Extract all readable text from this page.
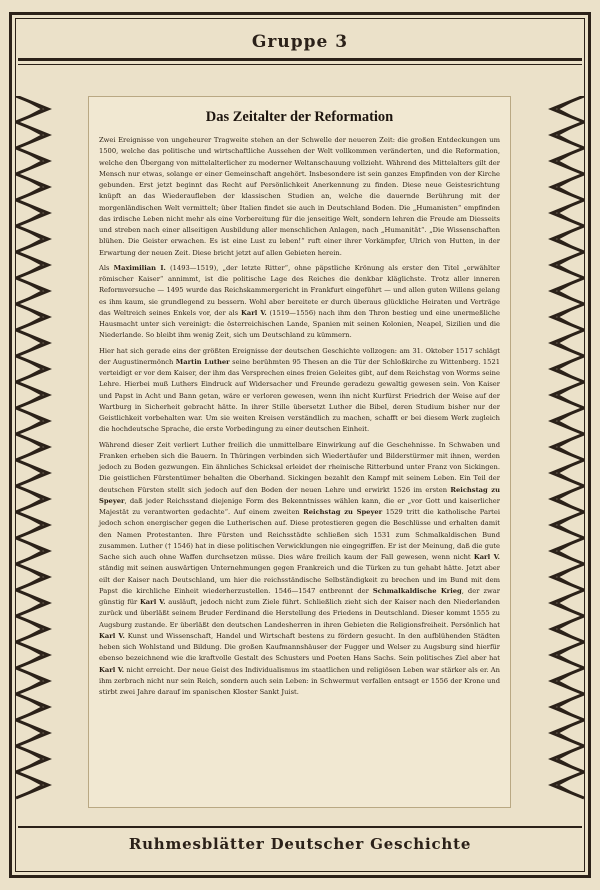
Gruppe 3
Das Zeitalter der Reformation

Zwei Ereignisse von ungeheurer Tragweite stehen an der Schwelle der neueren Zeit: die großen Entdeckungen um 1500, welche das politische und wirtschaftliche Aussehen der Welt vollkommen veränderten, und die Reformation, welche den Übergang von mittelalterlicher zu moderner Weltanschauung vollzieht. Während des Mittelalters gilt der Mensch nur etwas, solange er einer Gemeinschaft angehört. Insbesondere ist sein ganzes Empfinden von der Kirche gebunden. Erst jetzt beginnt das Recht auf Persönlichkeit Anerkennung zu finden. Diese neue Geistesrichtung knüpft an das Wiederaufleben der klassischen Studien an, welche die dauernde Berührung mit der morgenländischen Welt vermittelt; über Italien findet sie auch in Deutschland Boden. Die „Humanisten“ empfinden das irdische Leben nicht mehr als eine Vorbereitung für die jenseitige Welt, sondern lehren die Freude am Diesseits und streben nach einer allseitigen Ausbildung aller menschlichen Anlagen, nach „Humanität“. „Die Wissenschaften blühen. Die Geister erwachen. Es ist eine Lust zu leben!“ ruft einer ihrer Vorkämpfer, Ulrich von Hutten, in der Erwartung der neuen Zeit. Diese bricht jetzt auf allen Gebieten herein.

Als Maximilian I. (1493—1519), „der letzte Ritter“, ohne päpstliche Krönung als erster den Titel „erwählter römischer Kaiser“ annimmt, ist die politische Lage des Reiches die denkbar kläglichste. Trotz aller inneren Reformversuche — 1495 wurde das Reichskammergericht in Frankfurt eingeführt — und allen guten Willens gelang es ihm kaum, sie grundlegend zu bessern. Wohl aber bereitete er durch überaus glückliche Heiraten und Verträge das Weltreich seines Enkels vor, der als Karl V. (1519—1556) nach ihm den Thron bestieg und eine unermeßliche Hausmacht unter sich vereinigt: die österreichischen Lande, Spanien mit seinen Kolonien, Neapel, Sizilien und die Niederlande. So bleibt ihm wenig Zeit, sich um Deutschland zu kümmern.

Hier hat sich gerade eins der größten Ereignisse der deutschen Geschichte vollzogen: am 31. Oktober 1517 schlägt der Augustinermönch Martin Luther seine berühmten 95 Thesen an die Tür der Schloßkirche zu Wittenberg. 1521 verteidigt er vor dem Kaiser, der ihm das Versprechen eines freien Geleites gibt, auf dem Reichstag von Worms seine Lehre. Hierbei muß Luthers Eindruck auf Widersacher und Freunde geradezu gewaltig gewesen sein. Von Kaiser und Papst in Acht und Bann getan, wäre er verloren gewesen, wenn ihn nicht Kurfürst Friedrich der Weise auf der Wartburg in Sicherheit gebracht hätte. In ihrer Stille übersetzt Luther die Bibel, deren Studium bisher nur der Geistlichkeit vorbehalten war. Um sie weiten Kreisen verständlich zu machen, schafft er bei diesem Werk zugleich die hochdeutsche Sprache, die erste Vorbedingung zu einer deutschen Einheit.

Während dieser Zeit verliert Luther freilich die unmittelbare Einwirkung auf die Geschehnisse. In Schwaben und Franken erheben sich die Bauern. In Thüringen verbinden sich Wiedertäufer und Bilderstürmer mit ihnen, werden jedoch zu Boden gezwungen. Ein ähnliches Schicksal erleidet der rheinische Ritterbund unter Franz von Sickingen. Die geistlichen Fürstentümer behalten die Oberhand. Sickingen bezahlt den Kampf mit seinem Leben. Ein Teil der deutschen Fürsten stellt sich jedoch auf den Boden der neuen Lehre und erwirkt 1526 im ersten Reichstag zu Speyer, daß jeder Reichsstand diejenige Form des Bekenntnisses wählen kann, die er „vor Gott und kaiserlicher Majestät zu verantworten gedachte“. Auf einem zweiten Reichstag zu Speyer 1529 tritt die katholische Partei jedoch schon energischer gegen die Lutherischen auf. Diese protestieren gegen die Beschlüsse und erhalten damit den Namen Protestanten. Ihre Fürsten und Reichsstädte schließen sich 1531 zum Schmalkaldischen Bund zusammen. Luther († 1546) hat in diese politischen Verwicklungen nie eingegriffen. Er ist der Meinung, daß die gute Sache sich auch ohne Waffen durchsetzen müsse. Dies wäre freilich kaum der Fall gewesen, wenn nicht Karl V. ständig mit seinen auswärtigen Unternehmungen gegen Frankreich und die Türken zu tun gehabt hätte. Jetzt aber eilt der Kaiser nach Deutschland, um hier die reichsständische Selbständigkeit zu brechen und im Bund mit dem Papst die kirchliche Einheit wiederherzustellen. 1546—1547 entbrennt der Schmalkaldische Krieg, der zwar günstig für Karl V. ausläuft, jedoch nicht zum Ziele führt. Schließlich zieht sich der Kaiser nach den Niederlanden zurück und überläßt seinem Bruder Ferdinand die Herstellung des Friedens in Deutschland. Dieser kommt 1555 zu Augsburg zustande. Er überläßt den deutschen Landesherren in ihren Gebieten die Religionsfreiheit. Persönlich hat Karl V. Kunst und Wissenschaft, Handel und Wirtschaft bestens zu fördern gesucht. In den aufblühenden Städten heben sich Wohlstand und Bildung. Die großen Kaufmannshäuser der Fugger und Welser zu Augsburg sind hierfür ebenso bezeichnend wie die kraftvolle Gestalt des Schusters und Poeten Hans Sachs. Sein politisches Ziel aber hat Karl V. nicht erreicht. Der neue Geist des Individualismus im staatlichen und religiösen Leben war stärker als er. An ihm zerbrach nicht nur sein Reich, sondern auch sein Leben: in Schwermut verfallen entsagt er 1556 der Krone und stirbt zwei Jahre darauf im spanischen Kloster Sankt Juist.

Ruhmesblätter Deutscher Geschichte
